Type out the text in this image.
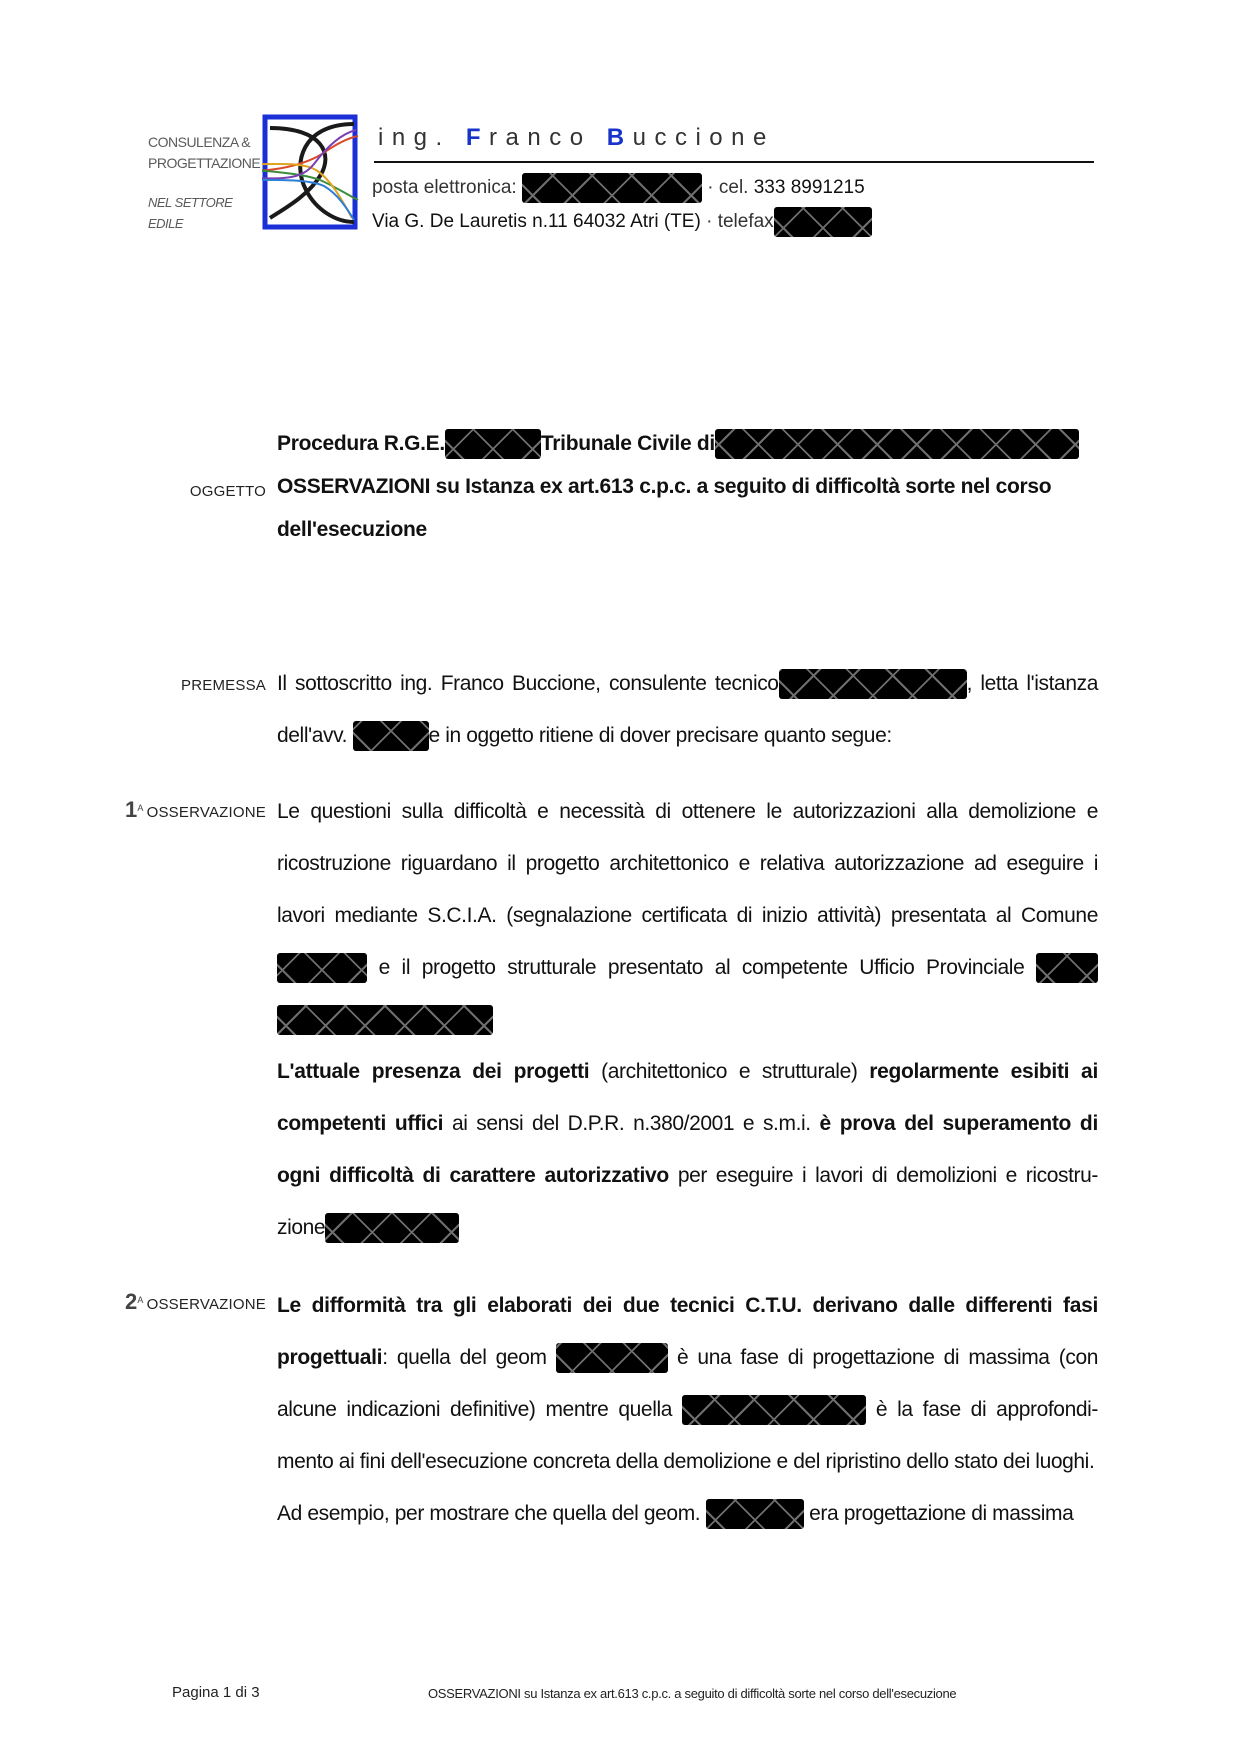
CONSULENZA &
PROGETTAZIONE
NEL SETTORE EDILE
ing. Franco Buccione
posta elettronica:	· cel. 333 8991215
Via G. De Lauretis n.11 64032 Atri (TE) · telefax
Procedura R.G.E.	Tribunale Civile di
OSSERVAZIONI su Istanza ex art.613 c.p.c. a seguito di difficoltà sorte nel corso dell'esecuzione
OGGETTO
PREMESSA Il sottoscritto ing. Franco Buccione, consulente tecnico	, letta l'istanza dell'avv.	e in oggetto ritiene di dover precisare quanto segue:
$1^A$ OSSERVAZIONE Le questioni sulla difficoltà e necessità di ottenere le autorizzazioni alla demolizione e ricostruzione riguardano il progetto architettonico e relativa autorizzazione ad eseguire i lavori mediante S.C.I.A. (segnalazione certificata di inizio attività) presentata al Comune  e il progetto strutturale presentato al competente Ufficio Provinciale
L'attuale presenza dei progetti (architettonico e strutturale) regolarmente esibiti ai competenti uffici ai sensi del D.P.R. n.380/2001 e s.m.i. è prova del superamento di ogni difficoltà di carattere autorizzativo per eseguire i lavori di demolizioni e ricostru-zione
$2^A$ OSSERVAZIONE Le difformità tra gli elaborati dei due tecnici C.T.U. derivano dalle differenti fasi progettuali: quella del geom	è una fase di progettazione di massima (con alcune indicazioni definitive) mentre quella	è la fase di approfondi-mento ai fini dell'esecuzione concreta della demolizione e del ripristino dello stato dei luoghi.
Ad esempio, per mostrare che quella del geom.	era progettazione di massima
Pagina 1 di 3	OSSERVAZIONI su Istanza ex art.613 c.p.c. a seguito di difficoltà sorte nel corso dell'esecuzione
